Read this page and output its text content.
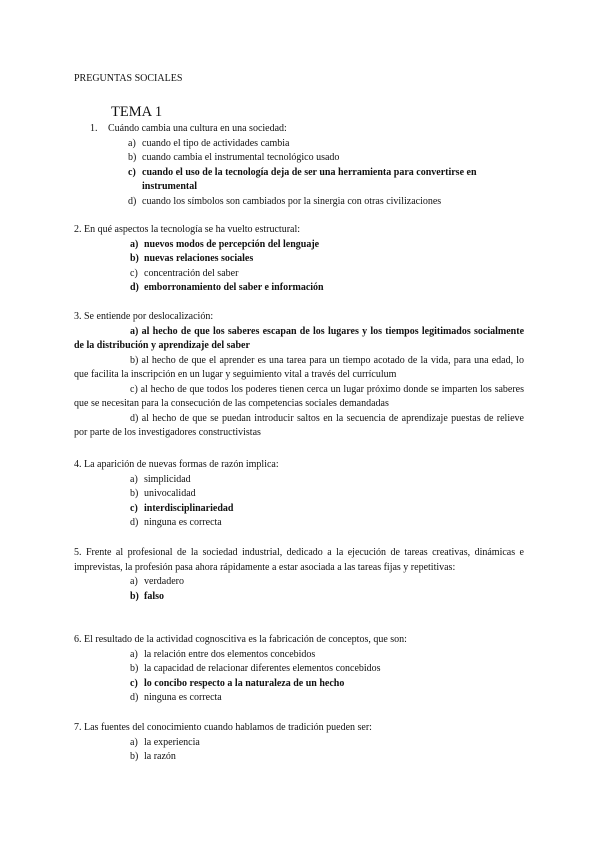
PREGUNTAS SOCIALES
TEMA 1
1. Cuándo cambia una cultura en una sociedad:
a) cuando el tipo de actividades cambia
b) cuando cambia el instrumental tecnológico usado
c) cuando el uso de la tecnología deja de ser una herramienta para convertirse en instrumental
d) cuando los símbolos son cambiados por la sinergia con otras civilizaciones
2. En qué aspectos la tecnología se ha vuelto estructural:
a) nuevos modos de percepción del lenguaje
b) nuevas relaciones sociales
c) concentración del saber
d) emborronamiento del saber e información
3. Se entiende por deslocalización:
a) al hecho de que los saberes escapan de los lugares y los tiempos legitimados socialmente de la distribución y aprendizaje del saber
b) al hecho de que el aprender es una tarea para un tiempo acotado de la vida, para una edad, lo que facilita la inscripción en un lugar y seguimiento vital a través del currículum
c) al hecho de que todos los poderes tienen cerca un lugar próximo donde se imparten los saberes que se necesitan para la consecución de las competencias sociales demandadas
d) al hecho de que se puedan introducir saltos en la secuencia de aprendizaje puestas de relieve por parte de los investigadores constructivistas
4. La aparición de nuevas formas de razón implica:
a) simplicidad
b) univocalidad
c) interdisciplinariedad
d) ninguna es correcta
5. Frente al profesional de la sociedad industrial, dedicado a la ejecución de tareas creativas, dinámicas e imprevistas, la profesión pasa ahora rápidamente a estar asociada a las tareas fijas y repetitivas:
a) verdadero
b) falso
6. El resultado de la actividad cognoscitiva es la fabricación de conceptos, que son:
a) la relación entre dos elementos concebidos
b) la capacidad de relacionar diferentes elementos concebidos
c) lo concibo respecto a la naturaleza de un hecho
d) ninguna es correcta
7. Las fuentes del conocimiento cuando hablamos de tradición pueden ser:
a) la experiencia
b) la razón
